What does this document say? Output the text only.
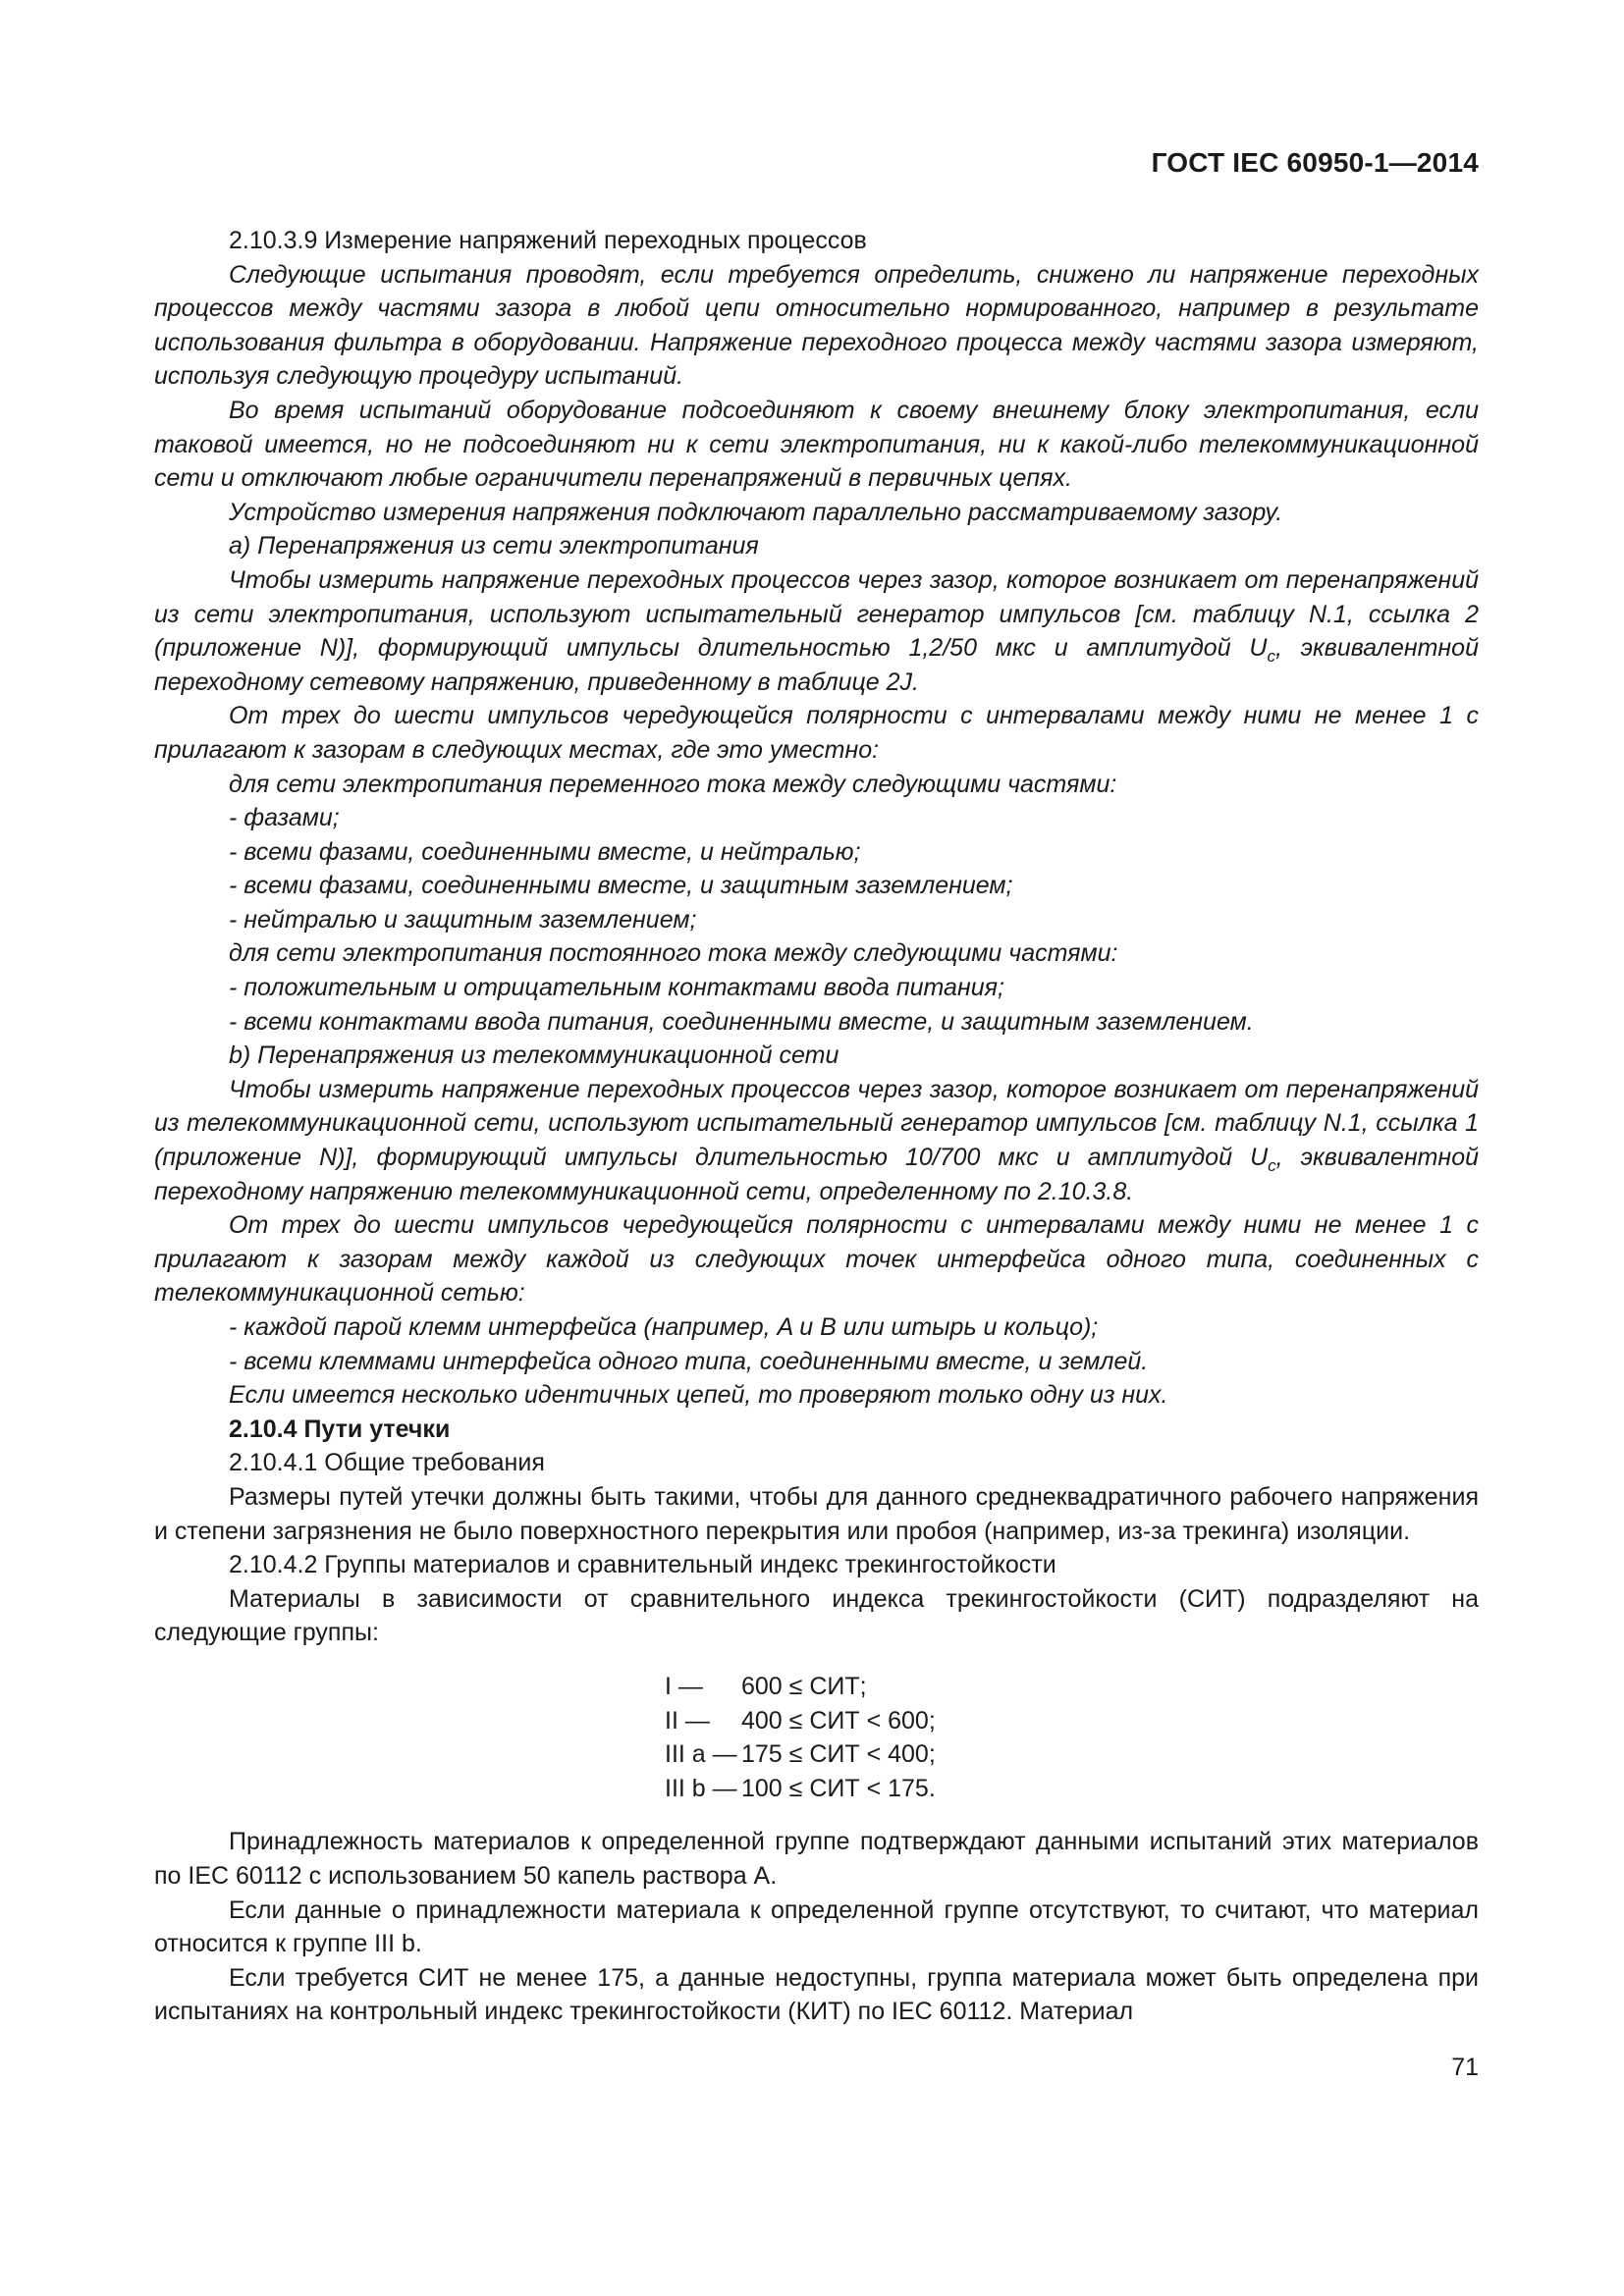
ГОСТ IEC 60950-1—2014

2.10.3.9 Измерение напряжений переходных процессов

Следующие испытания проводят, если требуется определить, снижено ли напряжение переходных процессов между частями зазора в любой цепи относительно нормированного, например в результате использования фильтра в оборудовании. Напряжение переходного процесса между частями зазора измеряют, используя следующую процедуру испытаний.

Во время испытаний оборудование подсоединяют к своему внешнему блоку электропитания, если таковой имеется, но не подсоединяют ни к сети электропитания, ни к какой-либо телекоммуникационной сети и отключают любые ограничители перенапряжений в первичных цепях.

Устройство измерения напряжения подключают параллельно рассматриваемому зазору.

a) Перенапряжения из сети электропитания

Чтобы измерить напряжение переходных процессов через зазор, которое возникает от перенапряжений из сети электропитания, используют испытательный генератор импульсов [см. таблицу N.1, ссылка 2 (приложение N)], формирующий импульсы длительностью 1,2/50 мкс и амплитудой $U_c$, эквивалентной переходному сетевому напряжению, приведенному в таблице 2J.

От трех до шести импульсов чередующейся полярности с интервалами между ними не менее 1 с прилагают к зазорам в следующих местах, где это уместно:

для сети электропитания переменного тока между следующими частями:

- фазами;

- всеми фазами, соединенными вместе, и нейтралью;

- всеми фазами, соединенными вместе, и защитным заземлением;

- нейтралью и защитным заземлением;

для сети электропитания постоянного тока между следующими частями:

- положительным и отрицательным контактами ввода питания;

- всеми контактами ввода питания, соединенными вместе, и защитным заземлением.

b) Перенапряжения из телекоммуникационной сети

Чтобы измерить напряжение переходных процессов через зазор, которое возникает от перенапряжений из телекоммуникационной сети, используют испытательный генератор импульсов [см. таблицу N.1, ссылка 1 (приложение N)], формирующий импульсы длительностью 10/700 мкс и амплитудой $U_c$, эквивалентной переходному напряжению телекоммуникационной сети, определенному по 2.10.3.8.

От трех до шести импульсов чередующейся полярности с интервалами между ними не менее 1 с прилагают к зазорам между каждой из следующих точек интерфейса одного типа, соединенных с телекоммуникационной сетью:

- каждой парой клемм интерфейса (например, A и B или штырь и кольцо);

- всеми клеммами интерфейса одного типа, соединенными вместе, и землей.

Если имеется несколько идентичных цепей, то проверяют только одну из них.

2.10.4 Пути утечки

2.10.4.1 Общие требования

Размеры путей утечки должны быть такими, чтобы для данного среднеквадратичного рабочего напряжения и степени загрязнения не было поверхностного перекрытия или пробоя (например, из-за трекинга) изоляции.

2.10.4.2 Группы материалов и сравнительный индекс трекингостойкости

Материалы в зависимости от сравнительного индекса трекингостойкости (СИТ) подразделяют на следующие группы:

I —	600 ≤ СИТ;
II —	400 ≤ СИТ < 600;
III a — 175 ≤ СИТ < 400;
III b — 100 ≤ СИТ < 175.

Принадлежность материалов к определенной группе подтверждают данными испытаний этих материалов по IEC 60112 с использованием 50 капель раствора A.

Если данные о принадлежности материала к определенной группе отсутствуют, то считают, что материал относится к группе III b.

Если требуется СИТ не менее 175, а данные недоступны, группа материала может быть определена при испытаниях на контрольный индекс трекингостойкости (КИТ) по IEC 60112. Материал

71
